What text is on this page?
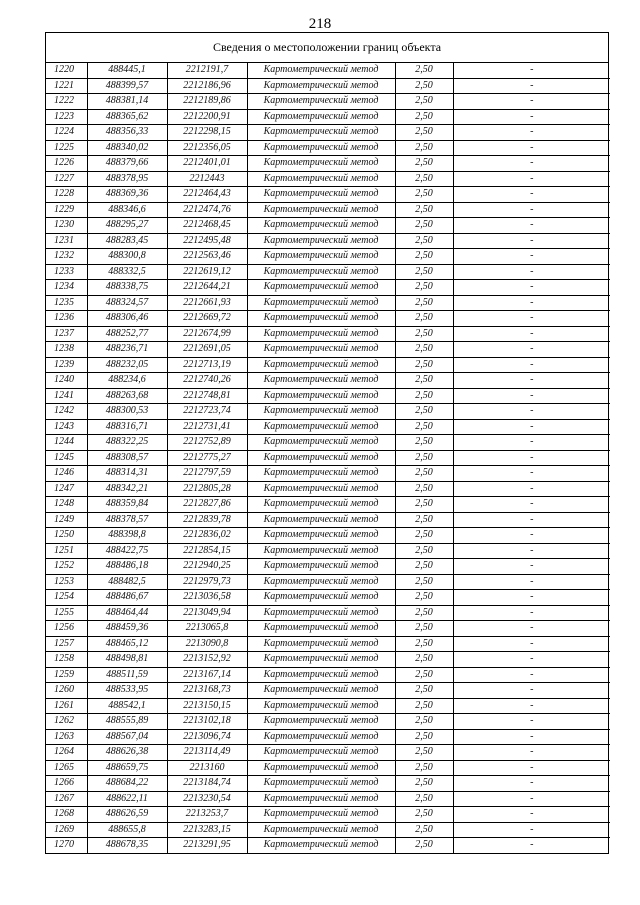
218
Сведения о местоположении границ объекта
1220	488445,1	2212191,7	Картометрический метод	2,50	-
1221	488399,57	2212186,96	Картометрический метод	2,50	-
1222	488381,14	2212189,86	Картометрический метод	2,50	-
1223	488365,62	2212200,91	Картометрический метод	2,50	-
1224	488356,33	2212298,15	Картометрический метод	2,50	-
1225	488340,02	2212356,05	Картометрический метод	2,50	-
1226	488379,66	2212401,01	Картометрический метод	2,50	-
1227	488378,95	2212443	Картометрический метод	2,50	-
1228	488369,36	2212464,43	Картометрический метод	2,50	-
1229	488346,6	2212474,76	Картометрический метод	2,50	-
1230	488295,27	2212468,45	Картометрический метод	2,50	-
1231	488283,45	2212495,48	Картометрический метод	2,50	-
1232	488300,8	2212563,46	Картометрический метод	2,50	-
1233	488332,5	2212619,12	Картометрический метод	2,50	-
1234	488338,75	2212644,21	Картометрический метод	2,50	-
1235	488324,57	2212661,93	Картометрический метод	2,50	-
1236	488306,46	2212669,72	Картометрический метод	2,50	-
1237	488252,77	2212674,99	Картометрический метод	2,50	-
1238	488236,71	2212691,05	Картометрический метод	2,50	-
1239	488232,05	2212713,19	Картометрический метод	2,50	-
1240	488234,6	2212740,26	Картометрический метод	2,50	-
1241	488263,68	2212748,81	Картометрический метод	2,50	-
1242	488300,53	2212723,74	Картометрический метод	2,50	-
1243	488316,71	2212731,41	Картометрический метод	2,50	-
1244	488322,25	2212752,89	Картометрический метод	2,50	-
1245	488308,57	2212775,27	Картометрический метод	2,50	-
1246	488314,31	2212797,59	Картометрический метод	2,50	-
1247	488342,21	2212805,28	Картометрический метод	2,50	-
1248	488359,84	2212827,86	Картометрический метод	2,50	-
1249	488378,57	2212839,78	Картометрический метод	2,50	-
1250	488398,8	2212836,02	Картометрический метод	2,50	-
1251	488422,75	2212854,15	Картометрический метод	2,50	-
1252	488486,18	2212940,25	Картометрический метод	2,50	-
1253	488482,5	2212979,73	Картометрический метод	2,50	-
1254	488486,67	2213036,58	Картометрический метод	2,50	-
1255	488464,44	2213049,94	Картометрический метод	2,50	-
1256	488459,36	2213065,8	Картометрический метод	2,50	-
1257	488465,12	2213090,8	Картометрический метод	2,50	-
1258	488498,81	2213152,92	Картометрический метод	2,50	-
1259	488511,59	2213167,14	Картометрический метод	2,50	-
1260	488533,95	2213168,73	Картометрический метод	2,50	-
1261	488542,1	2213150,15	Картометрический метод	2,50	-
1262	488555,89	2213102,18	Картометрический метод	2,50	-
1263	488567,04	2213096,74	Картометрический метод	2,50	-
1264	488626,38	2213114,49	Картометрический метод	2,50	-
1265	488659,75	2213160	Картометрический метод	2,50	-
1266	488684,22	2213184,74	Картометрический метод	2,50	-
1267	488622,11	2213230,54	Картометрический метод	2,50	-
1268	488626,59	2213253,7	Картометрический метод	2,50	-
1269	488655,8	2213283,15	Картометрический метод	2,50	-
1270	488678,35	2213291,95	Картометрический метод	2,50	-
